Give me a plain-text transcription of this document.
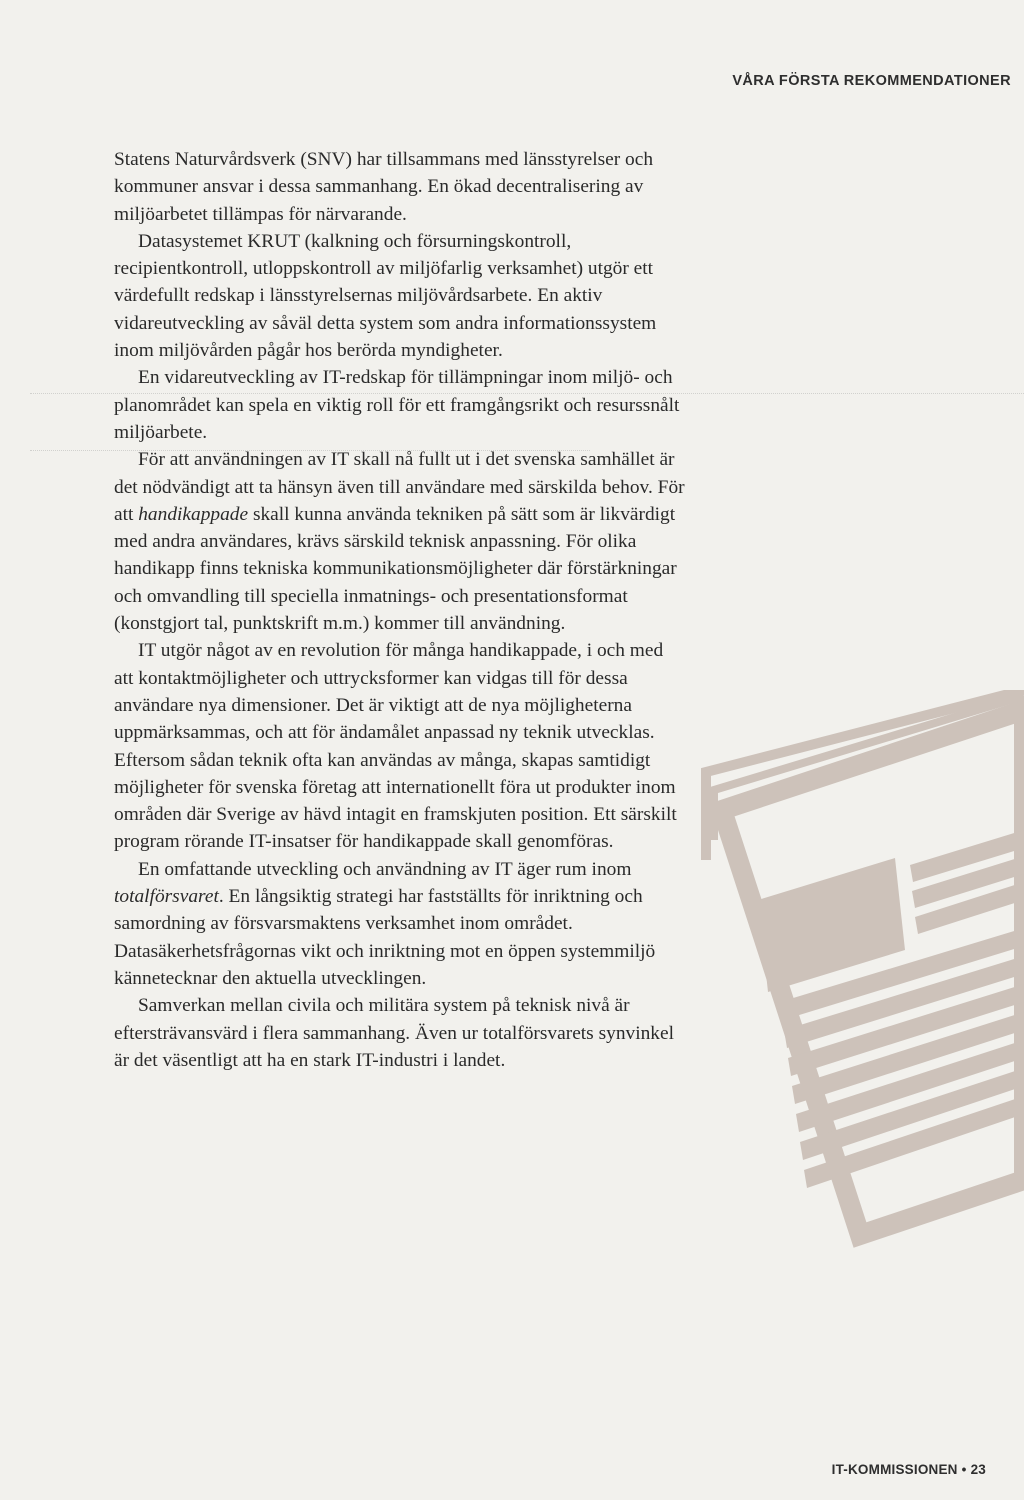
VÅRA FÖRSTA REKOMMENDATIONER

Statens Naturvårdsverk (SNV) har tillsammans med länsstyrelser och kommuner ansvar i dessa sammanhang. En ökad decentralisering av miljöarbetet tillämpas för närvarande.

Datasystemet KRUT (kalkning och försurningskontroll, recipientkontroll, utloppskontroll av miljöfarlig verksamhet) utgör ett värdefullt redskap i länsstyrelsernas miljövårdsarbete. En aktiv vidareutveckling av såväl detta system som andra informationssystem inom miljövården pågår hos berörda myndigheter.

En vidareutveckling av IT-redskap för tillämpningar inom miljö- och planområdet kan spela en viktig roll för ett framgångsrikt och resurssnålt miljöarbete.

För att användningen av IT skall nå fullt ut i det svenska samhället är det nödvändigt att ta hänsyn även till användare med särskilda behov. För att handikappade skall kunna använda tekniken på sätt som är likvärdigt med andra användares, krävs särskild teknisk anpassning. För olika handikapp finns tekniska kommunikationsmöjligheter där förstärkningar och omvandling till speciella inmatnings- och presentationsformat (konstgjort tal, punktskrift m.m.) kommer till användning.

IT utgör något av en revolution för många handikappade, i och med att kontaktmöjligheter och uttrycksformer kan vidgas till för dessa användare nya dimensioner. Det är viktigt att de nya möjligheterna uppmärksammas, och att för ändamålet anpassad ny teknik utvecklas. Eftersom sådan teknik ofta kan användas av många, skapas samtidigt möjligheter för svenska företag att internationellt föra ut produkter inom områden där Sverige av hävd intagit en framskjuten position. Ett särskilt program rörande IT-insatser för handikappade skall genomföras.

En omfattande utveckling och användning av IT äger rum inom totalförsvaret. En långsiktig strategi har fastställts för inriktning och samordning av försvarsmaktens verksamhet inom området. Datasäkerhetsfrågornas vikt och inriktning mot en öppen systemmiljö kännetecknar den aktuella utvecklingen.

Samverkan mellan civila och militära system på teknisk nivå är eftersträvansvärd i flera sammanhang. Även ur totalförsvarets synvinkel är det väsentligt att ha en stark IT-industri i landet.

IT-KOMMISSIONEN • 23
